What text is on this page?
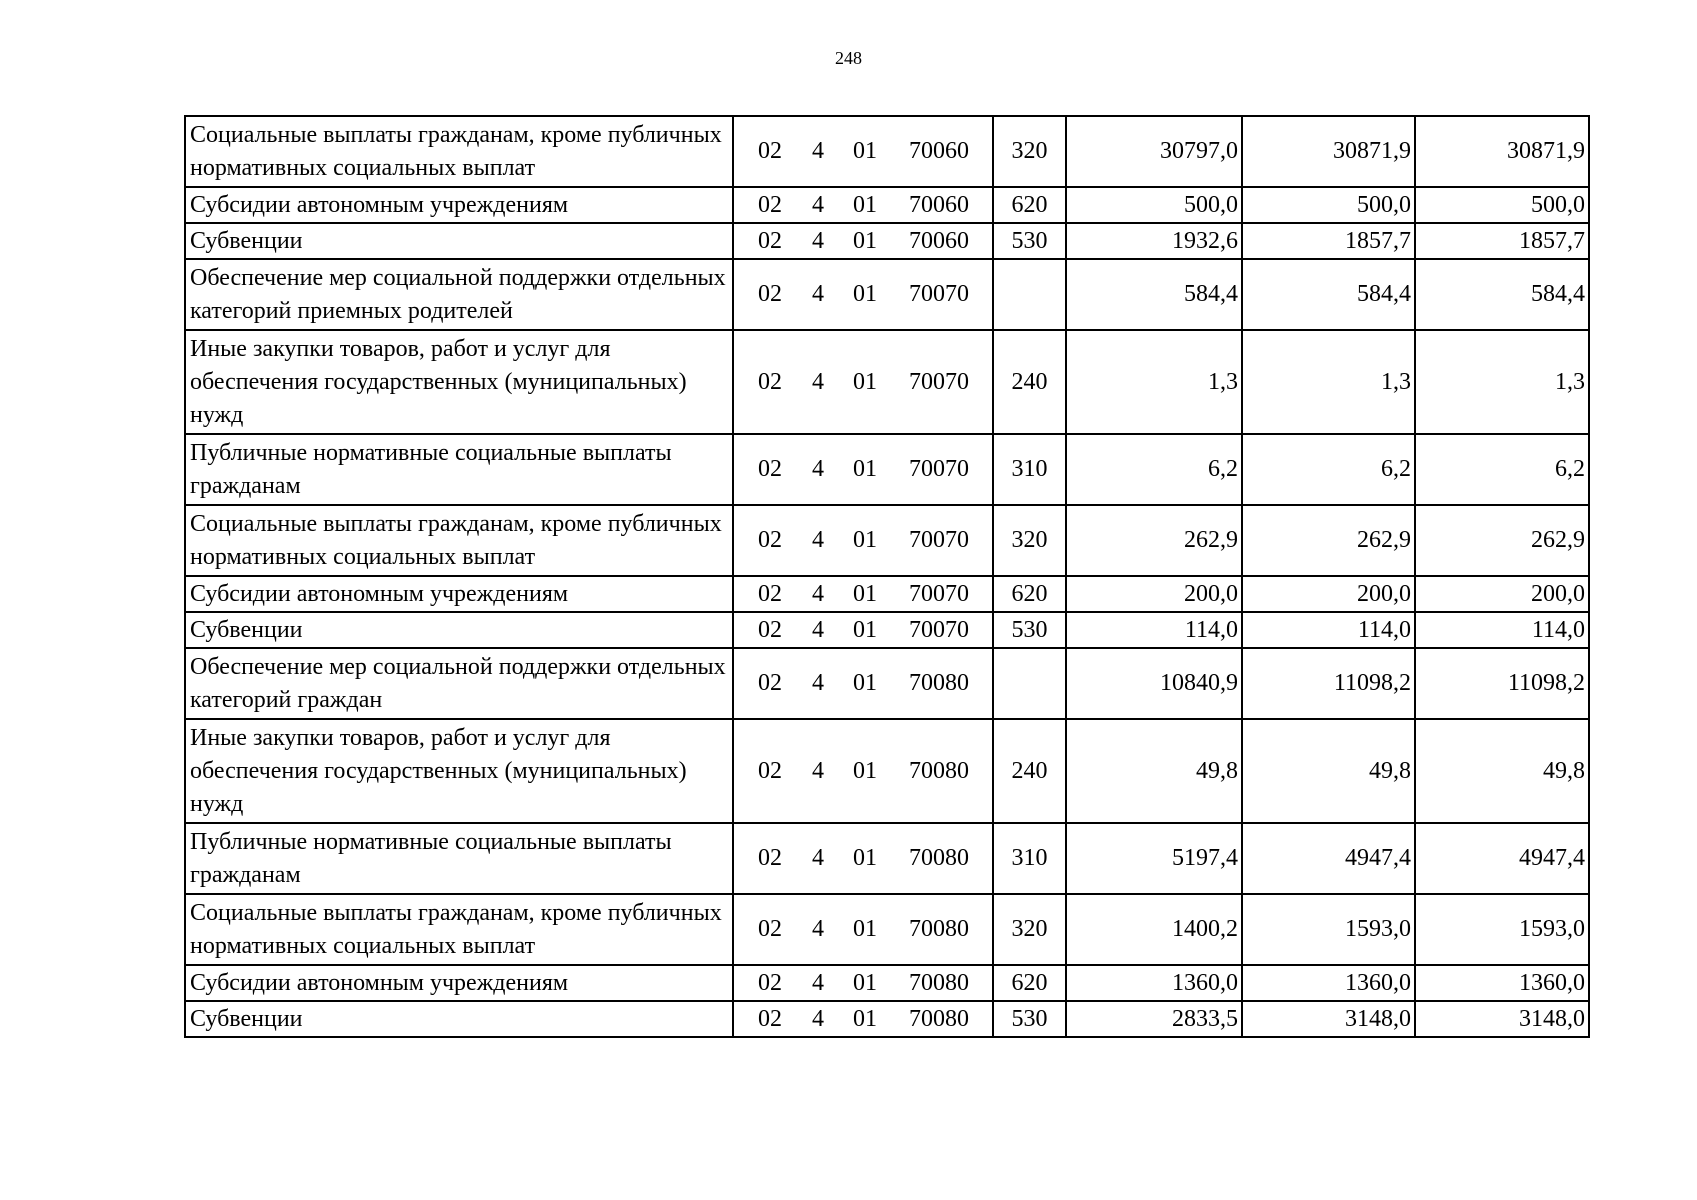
248
Социальные выплаты гражданам, кроме публичных нормативных социальных выплат	02 4 01 70060	320	30797,0	30871,9	30871,9
Субсидии автономным учреждениям	02 4 01 70060	620	500,0	500,0	500,0
Субвенции	02 4 01 70060	530	1932,6	1857,7	1857,7
Обеспечение мер социальной поддержки отдельных категорий приемных родителей	02 4 01 70070		584,4	584,4	584,4
Иные закупки товаров, работ и услуг для обеспечения государственных (муниципальных) нужд	02 4 01 70070	240	1,3	1,3	1,3
Публичные нормативные социальные выплаты гражданам	02 4 01 70070	310	6,2	6,2	6,2
Социальные выплаты гражданам, кроме публичных нормативных социальных выплат	02 4 01 70070	320	262,9	262,9	262,9
Субсидии автономным учреждениям	02 4 01 70070	620	200,0	200,0	200,0
Субвенции	02 4 01 70070	530	114,0	114,0	114,0
Обеспечение мер социальной поддержки отдельных категорий граждан	02 4 01 70080		10840,9	11098,2	11098,2
Иные закупки товаров, работ и услуг для обеспечения государственных (муниципальных) нужд	02 4 01 70080	240	49,8	49,8	49,8
Публичные нормативные социальные выплаты гражданам	02 4 01 70080	310	5197,4	4947,4	4947,4
Социальные выплаты гражданам, кроме публичных нормативных социальных выплат	02 4 01 70080	320	1400,2	1593,0	1593,0
Субсидии автономным учреждениям	02 4 01 70080	620	1360,0	1360,0	1360,0
Субвенции	02 4 01 70080	530	2833,5	3148,0	3148,0
